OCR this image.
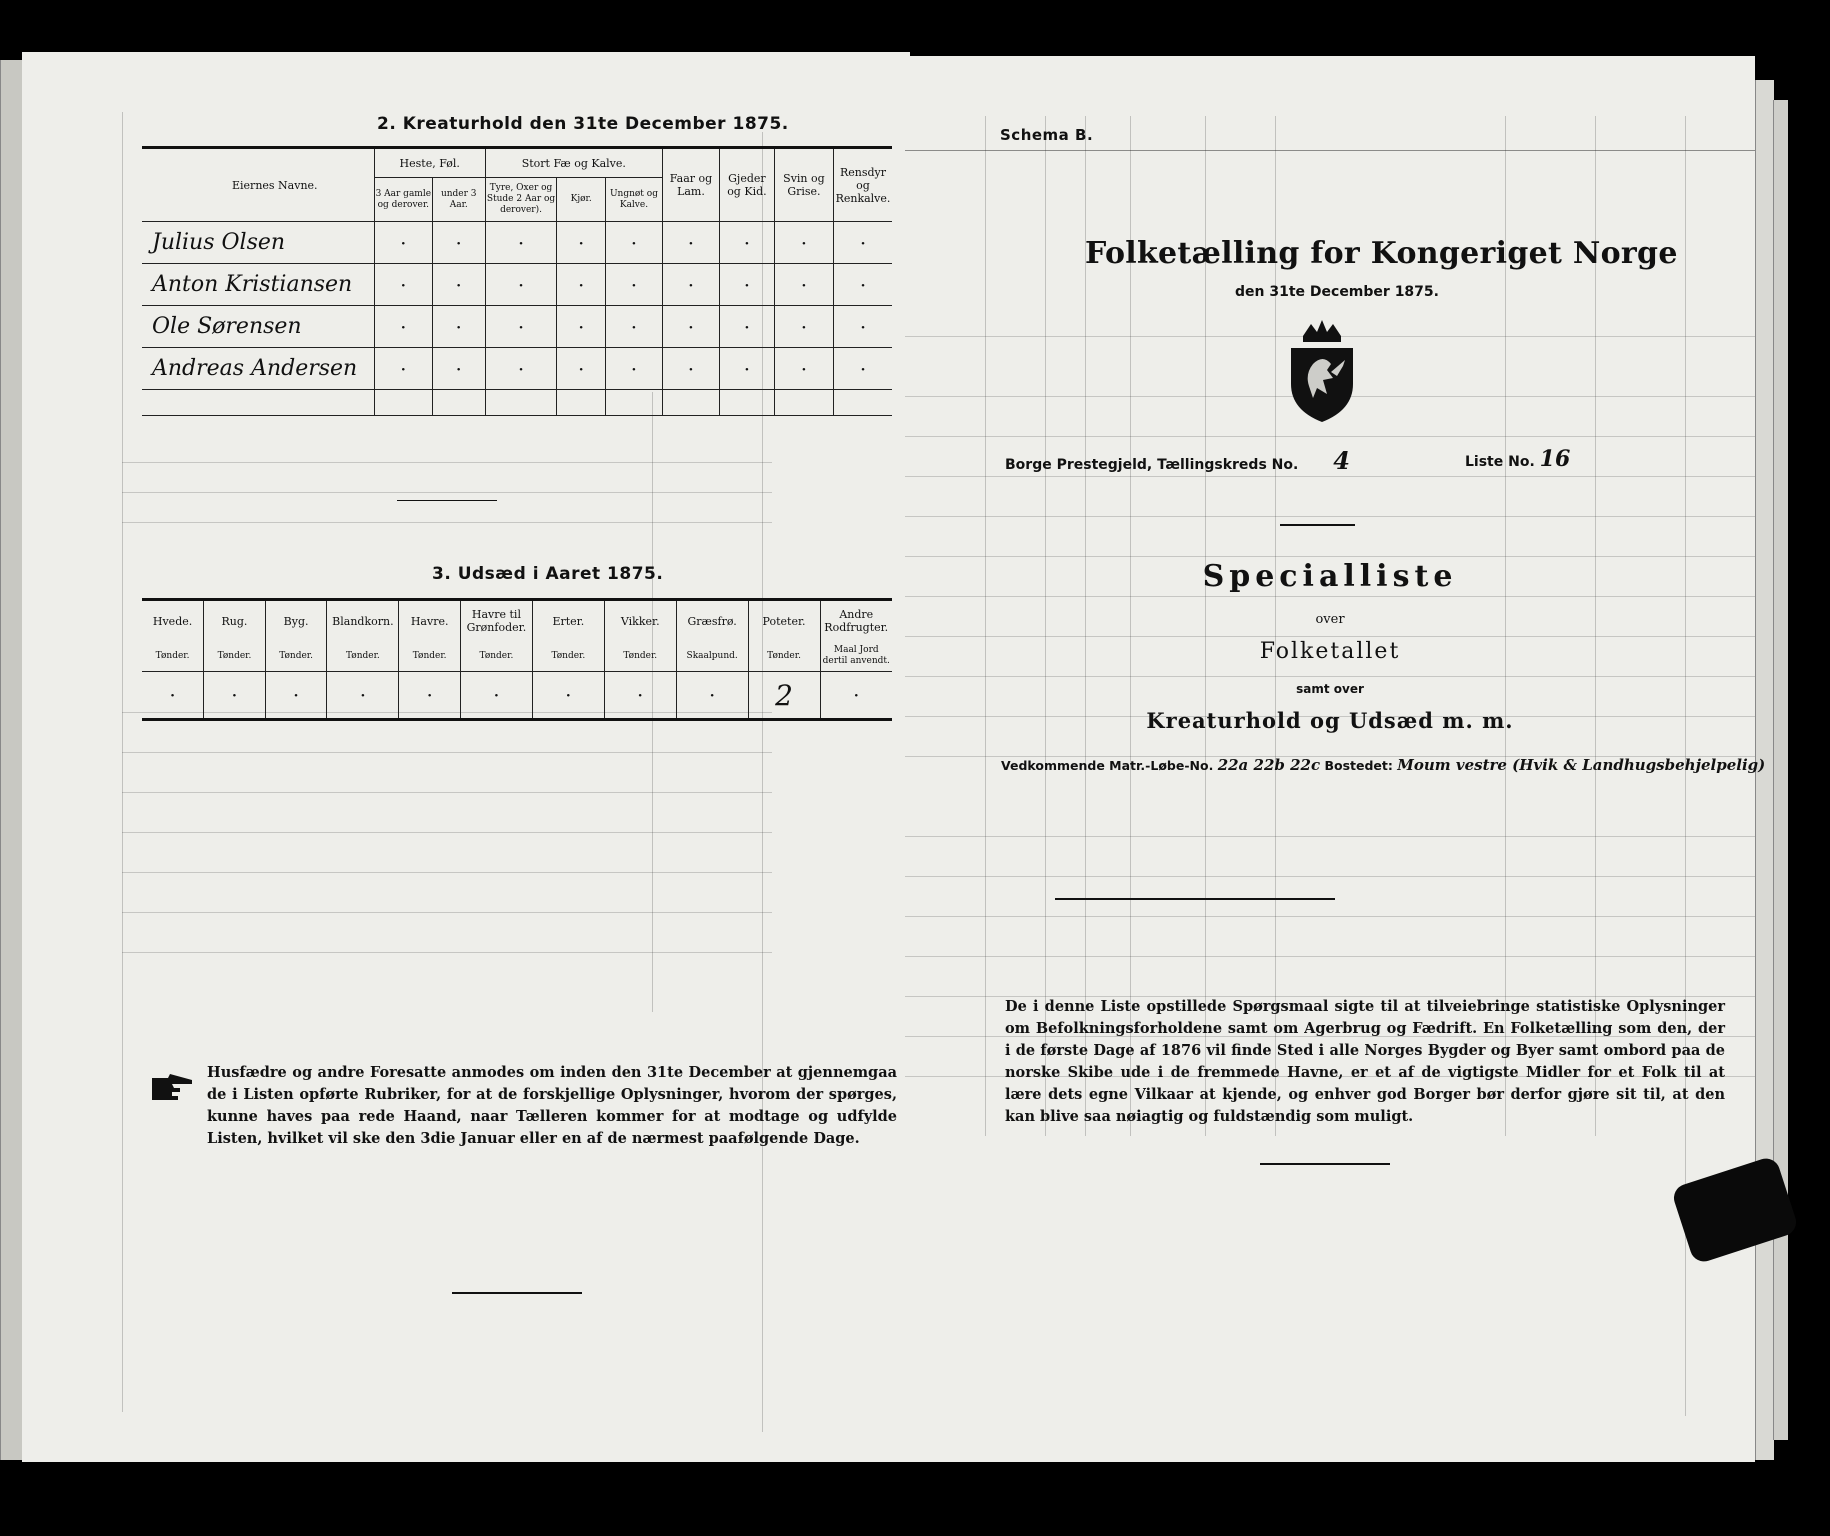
2. Kreaturhold den 31te December 1875.
Eiernes Navne.	Heste, Føl.		Stort Fæ og Kalve.			Faar og Lam.	Gjeder og Kid.	Svin og Grise.	Rensdyr og Renkalve.
	3 Aar gamle og derover.	under 3 Aar.	Tyre, Oxer og Stude 2 Aar og derover).	Kjør.	Ungnøt og Kalve.				
Julius Olsen	·	·	·	·	·	·	·	·	·
Anton Kristiansen	·	·	·	·	·	·	·	·	·
Ole Sørensen	·	·	·	·	·	·	·	·	·
Andreas Andersen	·	·	·	·	·	·	·	·	·

3. Udsæd i Aaret 1875.
Hvede.	Rug.	Byg.	Blandkorn.	Havre.	Havre til Grønfoder.	Erter.	Vikker.	Græsfrø.	Poteter.	Andre Rodfrugter.
Tønder.	Tønder.	Tønder.	Tønder.	Tønder.	Tønder.	Tønder.	Tønder.	Skaalpund.	Tønder.	Maal Jord dertil anvendt.
·	·	·	·	·	·	·	·	·	2	·
Husfædre og andre Foresatte anmodes om inden den 31te December at gjennemgaa de i Listen opførte Rubriker, for at de forskjellige Oplysninger, hvorom der spørges, kunne haves paa rede Haand, naar Tælleren kommer for at modtage og udfylde Listen, hvilket vil ske den 3die Januar eller en af de nærmest paafølgende Dage.
Schema B.
Folketælling for Kongeriget Norge
den 31te December 1875.
Borge Prestegjeld, Tællingskreds No. 4	Liste No. 16
Specialliste
over
Folketallet
samt over
Kreaturhold og Udsæd m. m.
Vedkommende Matr.-Løbe-No. 22a 22b 22c Bostedet: Moum vestre (Hvik & Landhugsbehjelpelig)
De i denne Liste opstillede Spørgsmaal sigte til at tilveiebringe statistiske Oplysninger om Befolkningsforholdene samt om Agerbrug og Fædrift. En Folketælling som den, der i de første Dage af 1876 vil finde Sted i alle Norges Bygder og Byer samt ombord paa de norske Skibe ude i de fremmede Havne, er et af de vigtigste Midler for et Folk til at lære dets egne Vilkaar at kjende, og enhver god Borger bør derfor gjøre sit til, at den kan blive saa nøiagtig og fuldstændig som muligt.
